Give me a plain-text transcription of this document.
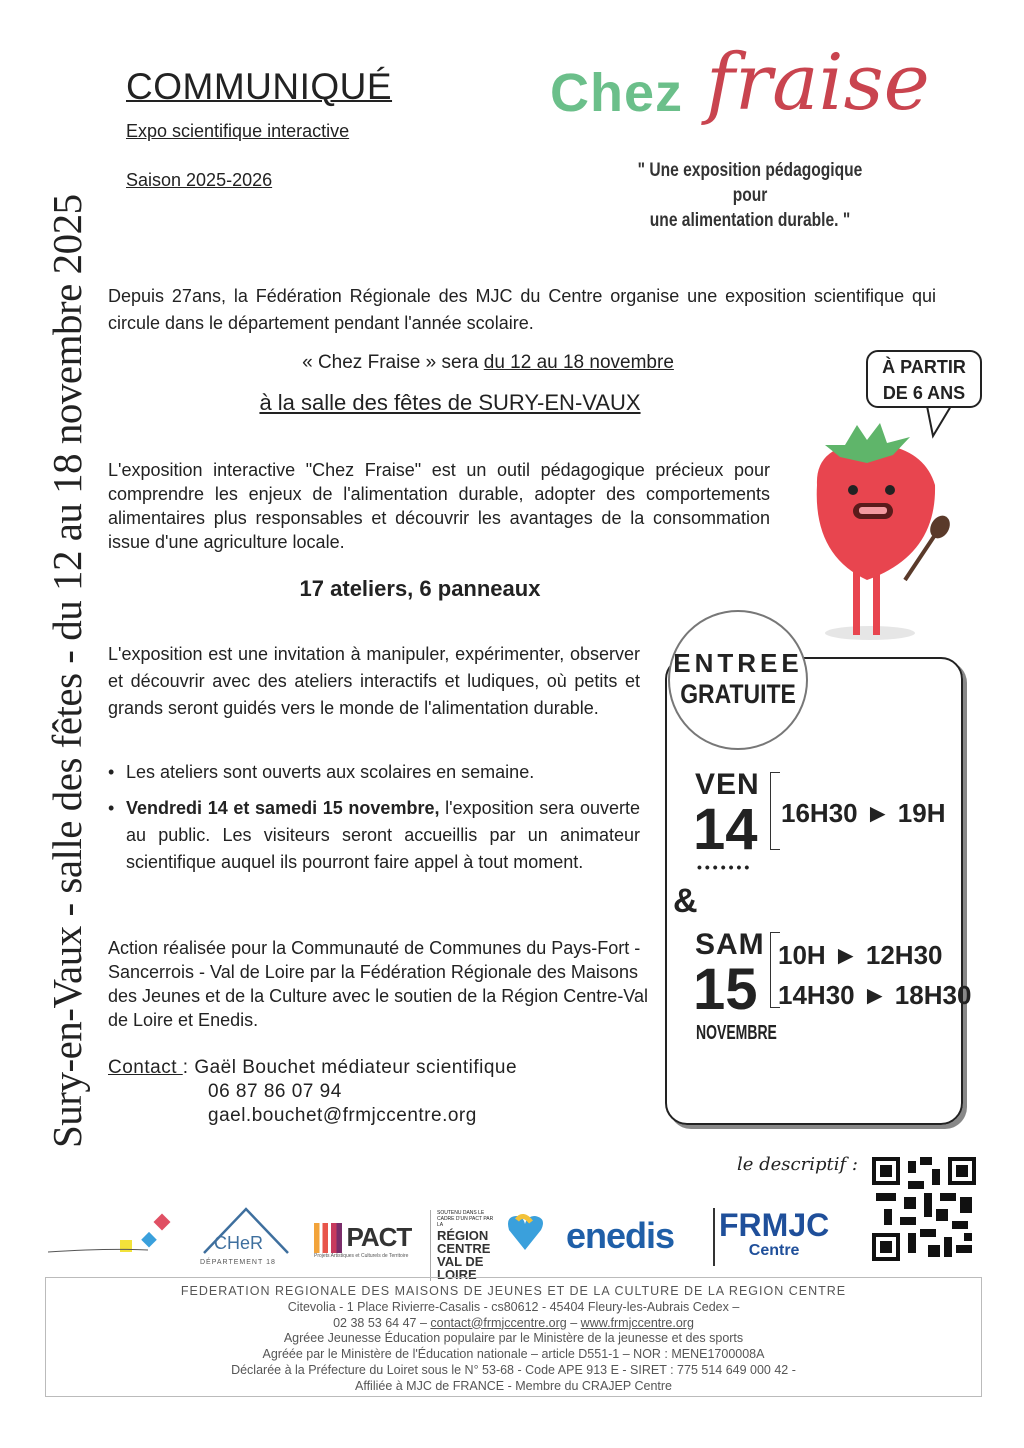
COMMUNIQUÉ
Expo scientifique interactive
Saison 2025-2026
Chez fraise
" Une exposition pédagogique pour
une alimentation durable. "
Sury-en-Vaux - salle des fêtes - du 12 au 18 novembre 2025 Depuis 27ans, la Fédération Régionale des MJC du Centre organise une exposition scientifique qui circule dans le département pendant l'année scolaire.

« Chez Fraise » sera du 12 au 18 novembre
à la salle des fêtes de SURY-EN-VAUX

L'exposition interactive "Chez Fraise" est un outil pédagogique précieux pour comprendre les enjeux de l'alimentation durable, adopter des comportements alimentaires plus responsables et découvrir les avantages de la consommation issue d'une agriculture locale.

17 ateliers, 6 panneaux

L'exposition est une invitation à manipuler, expérimenter, observer et découvrir avec des ateliers interactifs et ludiques, où petits et grands seront guidés vers le monde de l'alimentation durable.

• Les ateliers sont ouverts aux scolaires en semaine.
• Vendredi 14 et samedi 15 novembre, l'exposition sera ouverte au public. Les visiteurs seront accueillis par un animateur scientifique auquel ils pourront faire appel à tout moment.

Action réalisée pour la Communauté de Communes du Pays-Fort - Sancerrois - Val de Loire par la Fédération Régionale des Maisons des Jeunes et de la Culture avec le soutien de la Région Centre-Val de Loire et Enedis.

Contact : Gaël Bouchet médiateur scientifique
06 87 86 07 94
gael.bouchet@frmjccentre.org
À PARTIR
DE 6 ANS
ENTREE
GRATUITE
VEN
14
•••••••
16H30 ► 19H
&
SAM
15
10H ► 12H30
14H30 ► 18H30
NOVEMBRE
le descriptif :
CHeR
DÉPARTEMENT 18
PACT
Projets Artistiques et Culturels de Territoire
SOUTENU DANS LE CADRE D'UN PACT PAR LA
RÉGION CENTRE VAL DE LOIRE
enedis FRMJC
Centre
FEDERATION REGIONALE DES MAISONS DE JEUNES ET DE LA CULTURE DE LA REGION CENTRE
Citevolia - 1 Place Rivierre-Casalis - cs80612 - 45404 Fleury-les-Aubrais Cedex –
02 38 53 64 47 – contact@frmjccentre.org – www.frmjccentre.org
Agréee Jeunesse Éducation populaire par le Ministère de la jeunesse et des sports
Agréée par le Ministère de l'Éducation nationale – article D551-1 – NOR : MENE1700008A
Déclarée à la Préfecture du Loiret sous le N° 53-68 - Code APE 913 E - SIRET : 775 514 649 000 42 -
Affiliée à MJC de FRANCE - Membre du CRAJEP Centre
